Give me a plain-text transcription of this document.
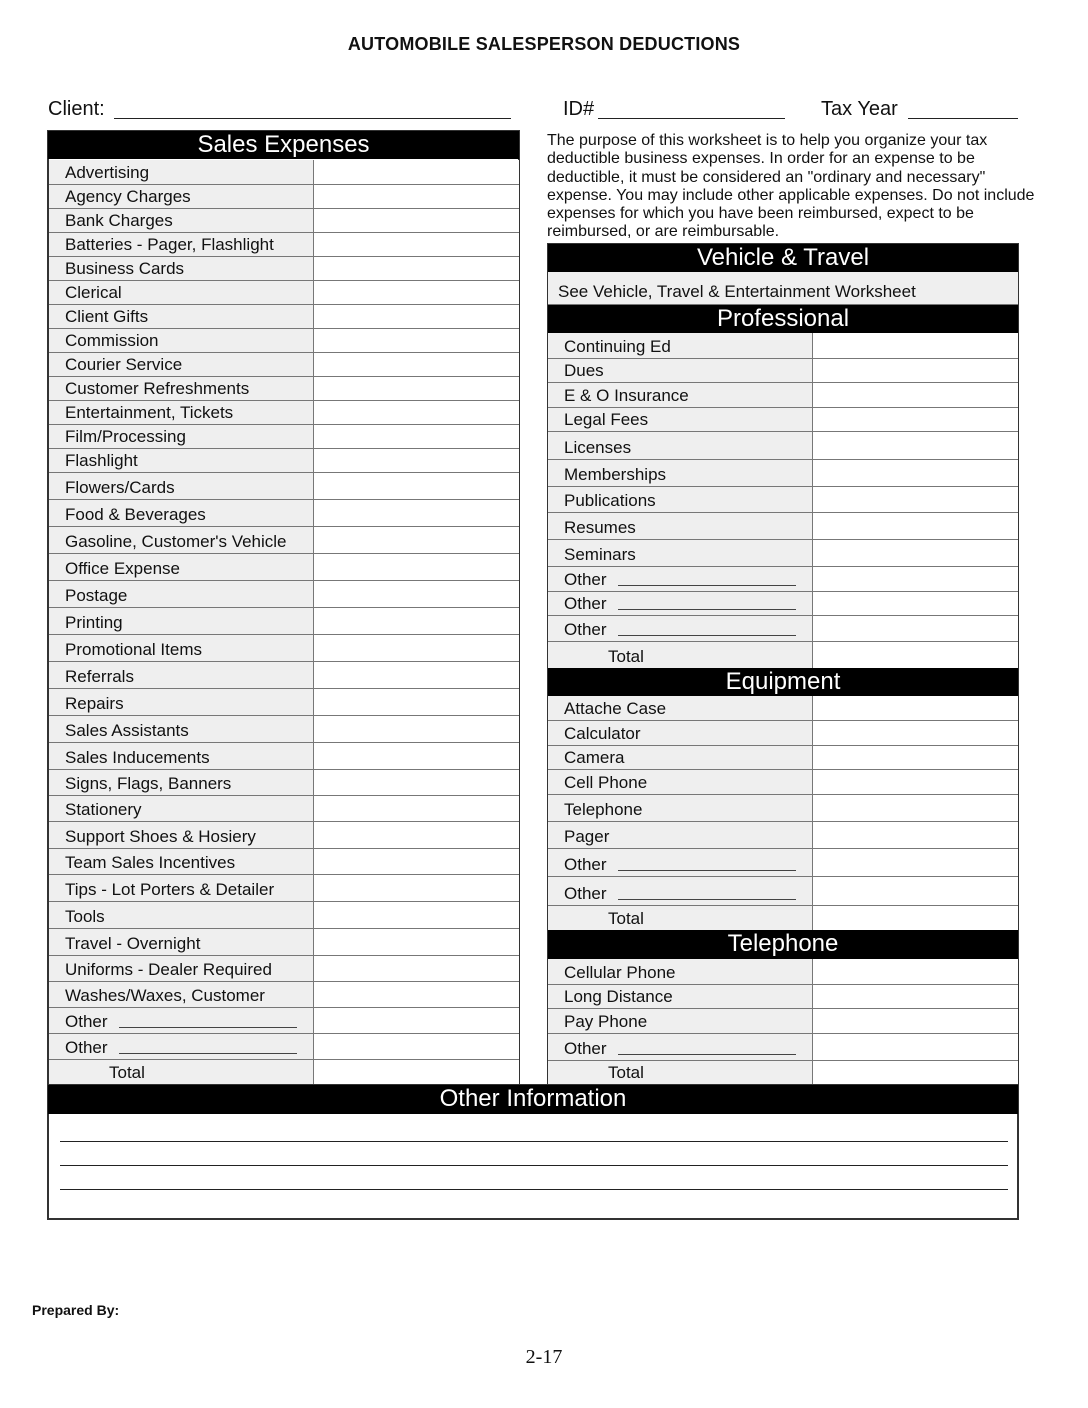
AUTOMOBILE SALESPERSON DEDUCTIONS
Client:	ID#	Tax Year
Sales Expenses
Advertising
Agency Charges
Bank Charges
Batteries - Pager, Flashlight
Business Cards
Clerical
Client Gifts
Commission
Courier Service
Customer Refreshments
Entertainment, Tickets
Film/Processing
Flashlight
Flowers/Cards
Food & Beverages
Gasoline, Customer's Vehicle
Office Expense
Postage
Printing
Promotional Items
Referrals
Repairs
Sales Assistants
Sales Inducements
Signs, Flags, Banners
Stationery
Support Shoes & Hosiery
Team Sales Incentives
Tips - Lot Porters & Detailer
Tools
Travel - Overnight
Uniforms - Dealer Required
Washes/Waxes, Customer
Other
Other
Total
The purpose of this worksheet is to help you organize your tax deductible business expenses. In order for an expense to be deductible, it must be considered an "ordinary and necessary" expense. You may include other applicable expenses. Do not include expenses for which you have been reimbursed, expect to be reimbursed, or are reimbursable.
Vehicle & Travel
See Vehicle, Travel & Entertainment Worksheet
Professional
Continuing Ed
Dues
E & O Insurance
Legal Fees
Licenses
Memberships
Publications
Resumes
Seminars
Other
Other
Other
Total
Equipment
Attache Case
Calculator
Camera
Cell Phone
Telephone
Pager
Other
Other
Total
Telephone
Cellular Phone
Long Distance
Pay Phone
Other
Total
Other Information
Prepared By:
2-17
